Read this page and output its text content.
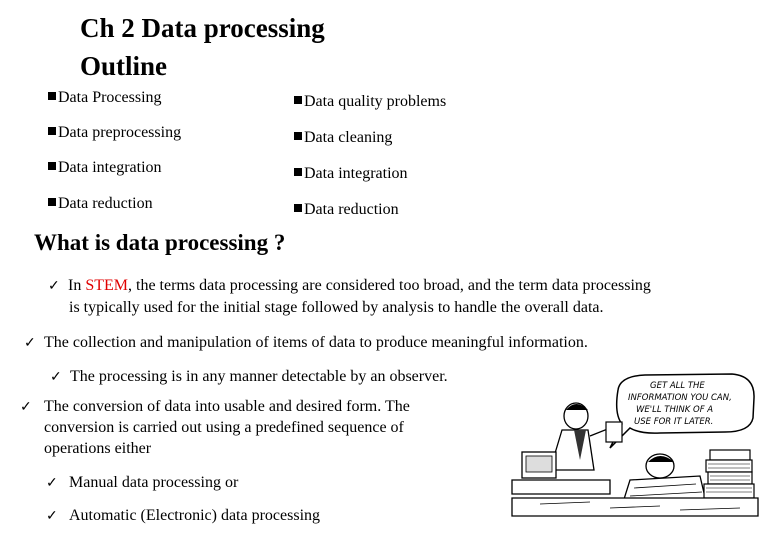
Ch 2 Data processing
Outline
Data Processing
Data preprocessing
Data integration
Data reduction
Data quality problems
Data cleaning
Data integration
Data reduction
What is data processing ?
✓ In STEM, the terms data processing are considered too broad, and the term data processing
is typically used for the initial stage followed by analysis to handle the overall data.
✓ The collection and manipulation of items of data to produce meaningful information.
✓ The processing is in any manner detectable by an observer.
✓ The conversion of data into usable and desired form. The
conversion is carried out using a predefined sequence of
operations either
✓ Manual data processing or
✓ Automatic (Electronic) data processing
GET ALL THE
INFORMATION YOU CAN,
WE'LL THINK OF A
USE FOR IT LATER.
